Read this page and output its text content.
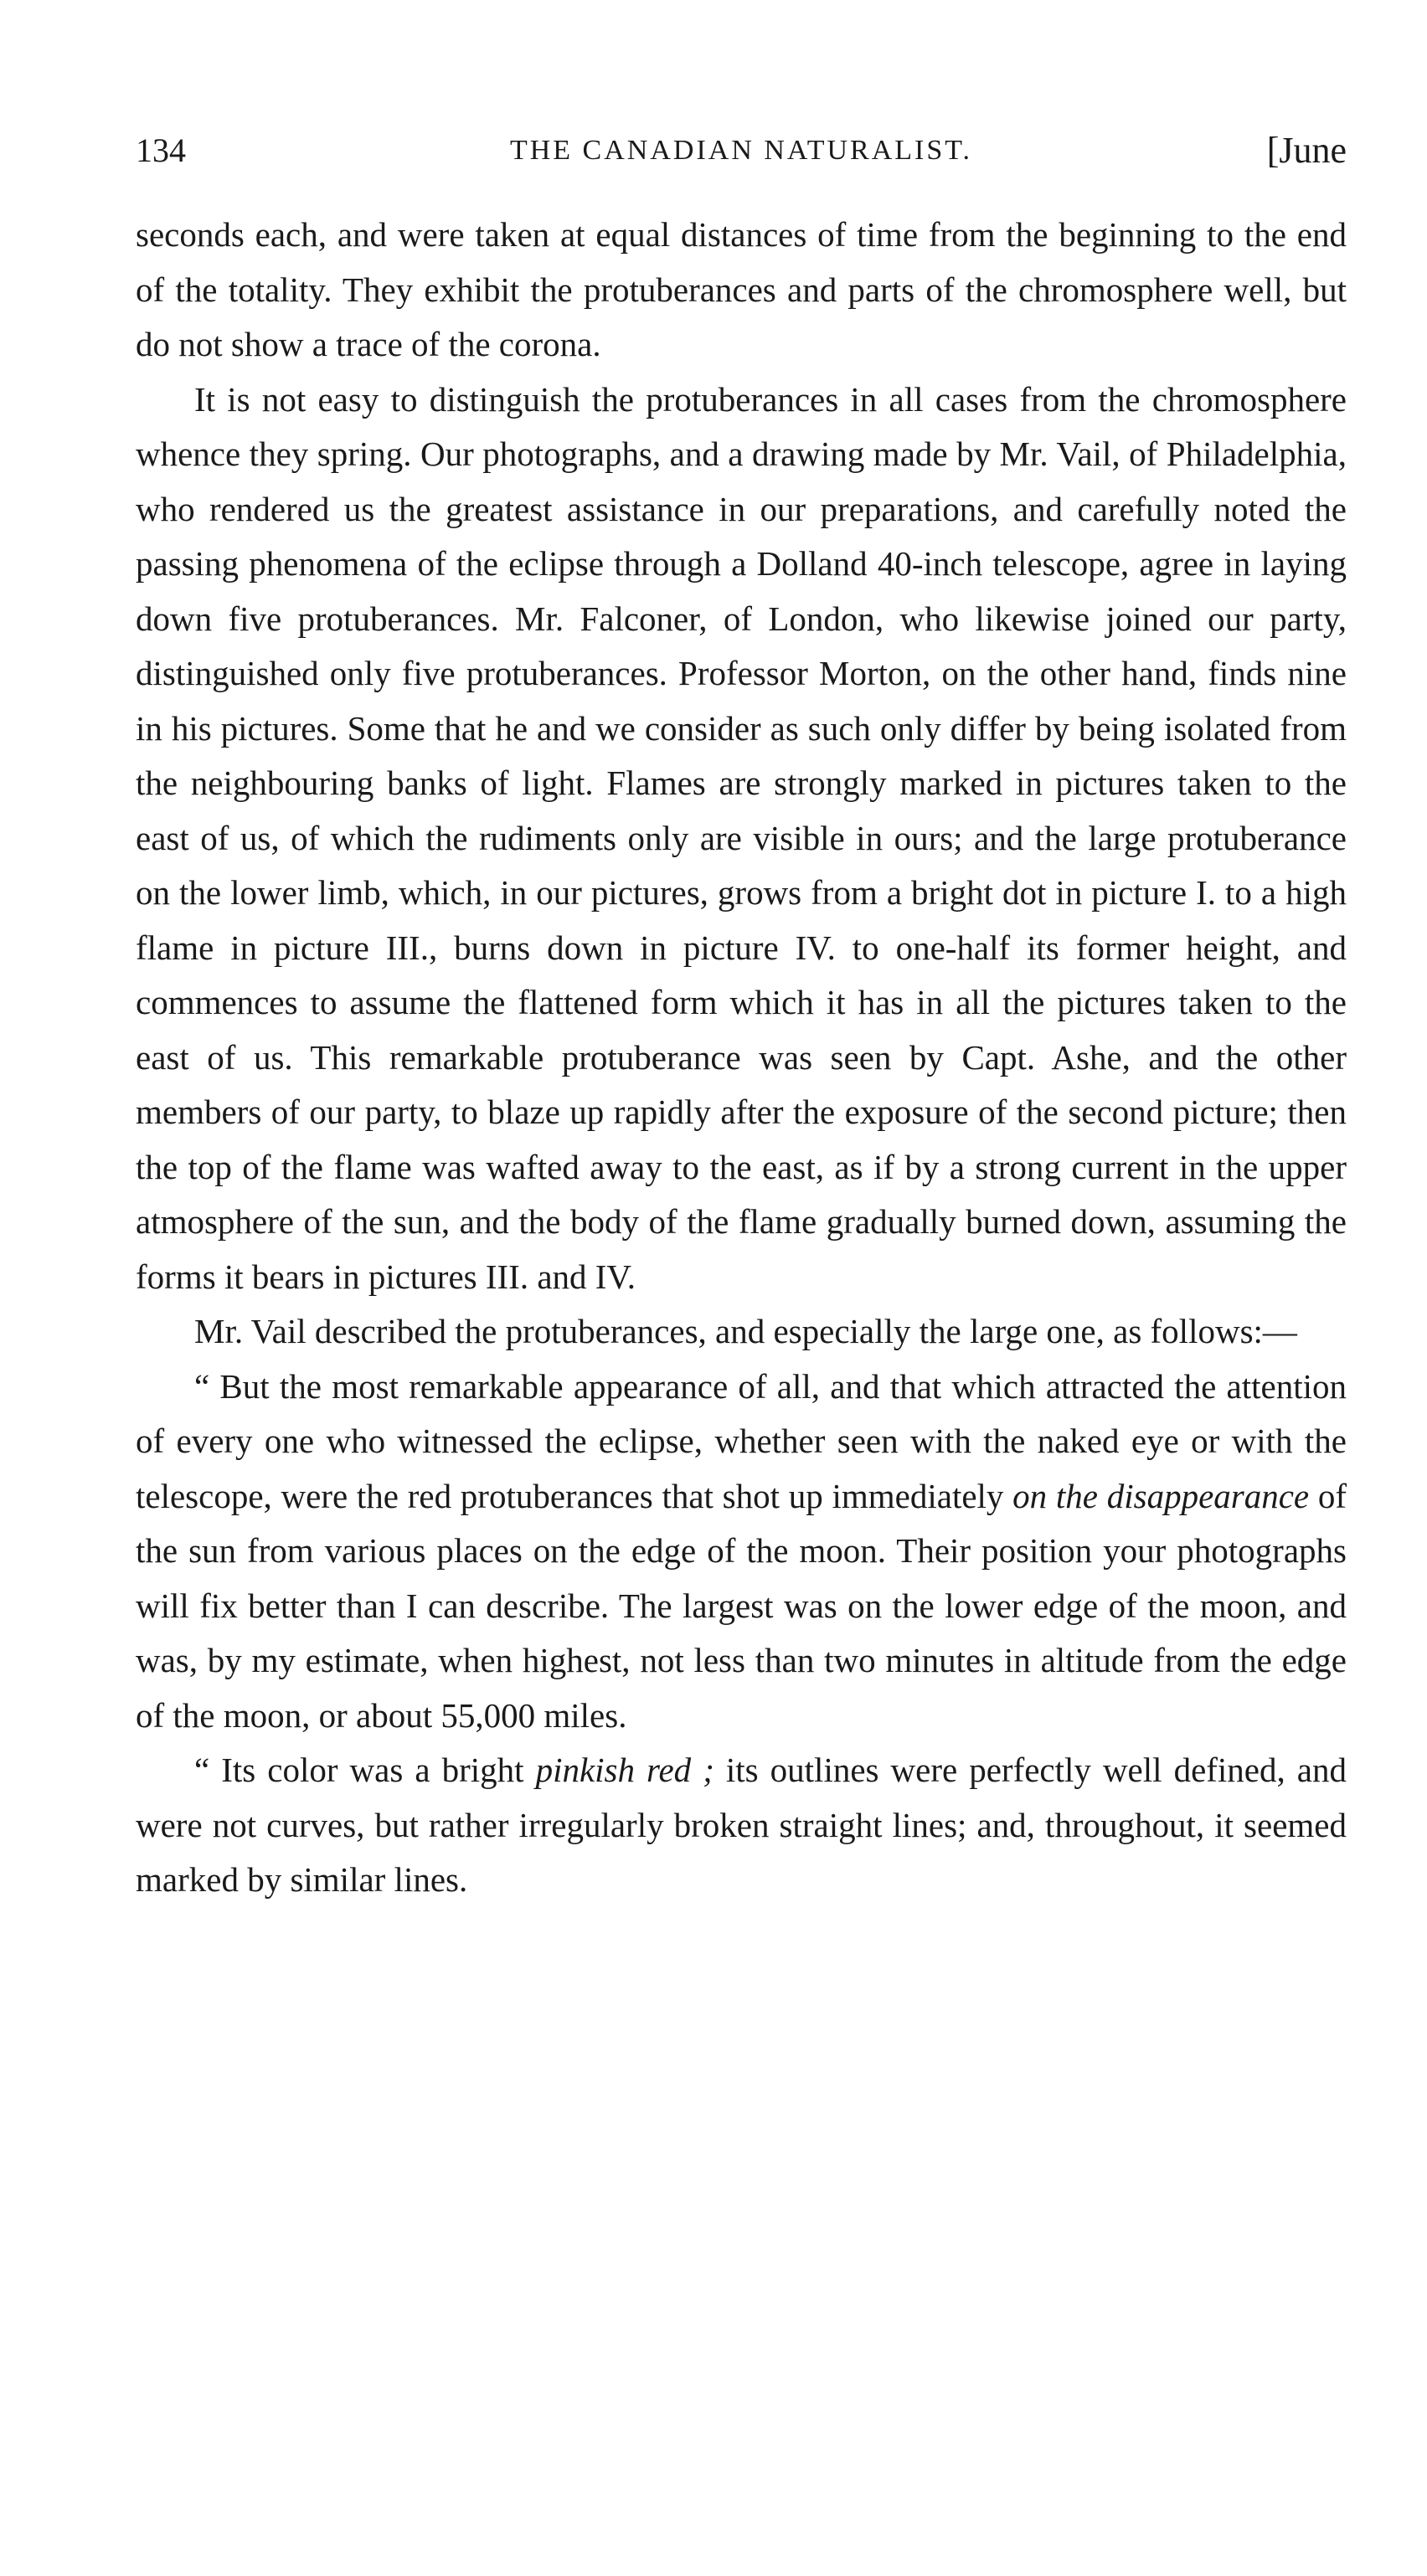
134	THE CANADIAN NATURALIST.	[June

seconds each, and were taken at equal distances of time from the beginning to the end of the totality. They exhibit the protuberances and parts of the chromosphere well, but do not show a trace of the corona.

It is not easy to distinguish the protuberances in all cases from the chromosphere whence they spring. Our photographs, and a drawing made by Mr. Vail, of Philadelphia, who rendered us the greatest assistance in our preparations, and carefully noted the passing phenomena of the eclipse through a Dolland 40-inch telescope, agree in laying down five protuberances. Mr. Falconer, of London, who likewise joined our party, distinguished only five protuberances. Professor Morton, on the other hand, finds nine in his pictures. Some that he and we consider as such only differ by being isolated from the neighbouring banks of light. Flames are strongly marked in pictures taken to the east of us, of which the rudiments only are visible in ours; and the large protuberance on the lower limb, which, in our pictures, grows from a bright dot in picture I. to a high flame in picture III., burns down in picture IV. to one-half its former height, and commences to assume the flattened form which it has in all the pictures taken to the east of us. This remarkable protuberance was seen by Capt. Ashe, and the other members of our party, to blaze up rapidly after the exposure of the second picture; then the top of the flame was wafted away to the east, as if by a strong current in the upper atmosphere of the sun, and the body of the flame gradually burned down, assuming the forms it bears in pictures III. and IV.

Mr. Vail described the protuberances, and especially the large one, as follows:—

“ But the most remarkable appearance of all, and that which attracted the attention of every one who witnessed the eclipse, whether seen with the naked eye or with the telescope, were the red protuberances that shot up immediately on the disappearance of the sun from various places on the edge of the moon. Their position your photographs will fix better than I can describe. The largest was on the lower edge of the moon, and was, by my estimate, when highest, not less than two minutes in altitude from the edge of the moon, or about 55,000 miles.

“ Its color was a bright pinkish red ; its outlines were perfectly well defined, and were not curves, but rather irregularly broken straight lines; and, throughout, it seemed marked by similar lines.
